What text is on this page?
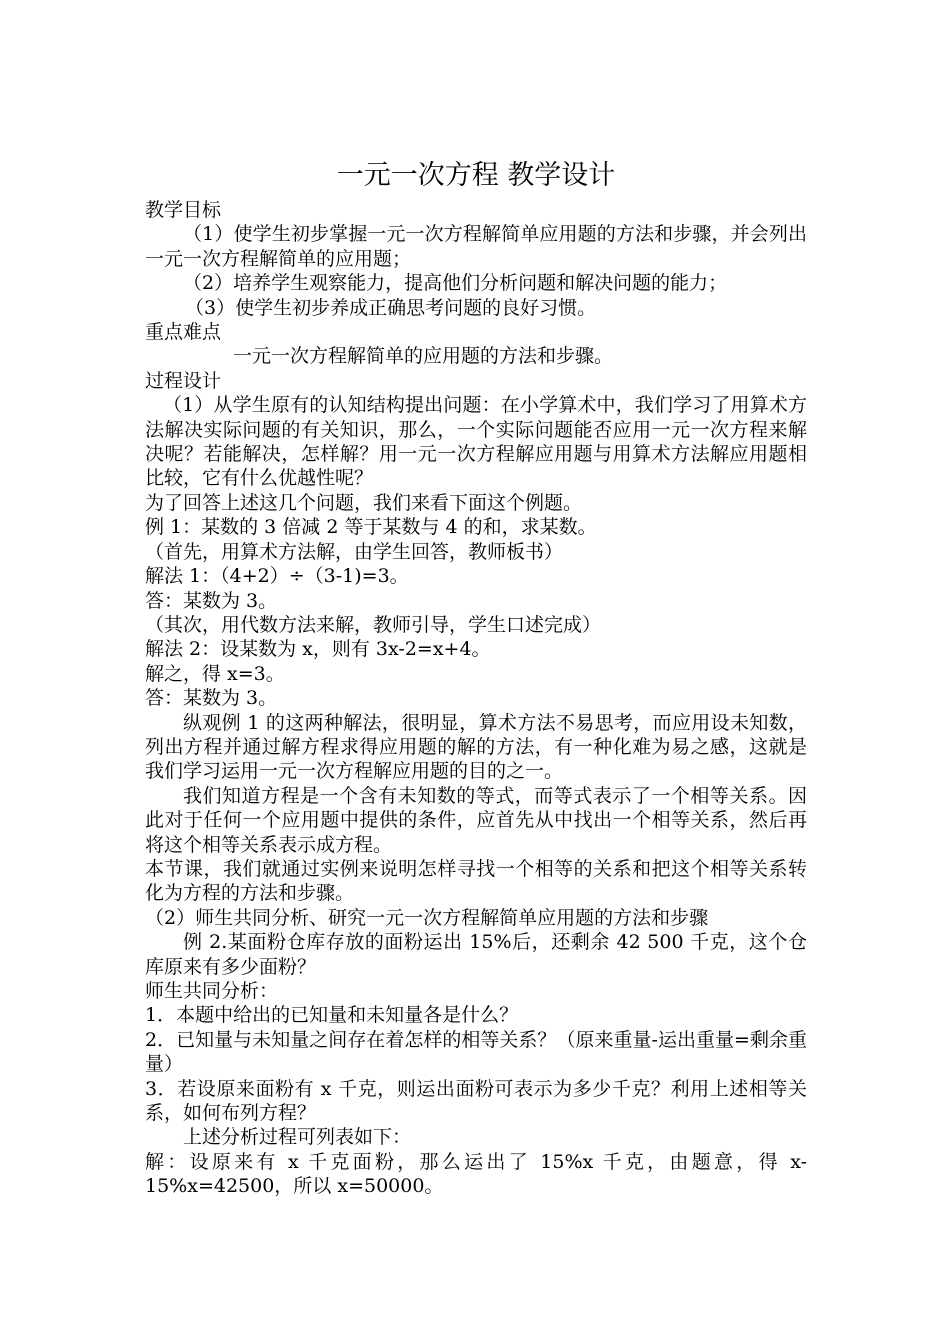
一元一次方程 教学设计

教学目标

（1）使学生初步掌握一元一次方程解简单应用题的方法和步骤，并会列出一元一次方程解简单的应用题；

（2）培养学生观察能力，提高他们分析问题和解决问题的能力；

（3）使学生初步养成正确思考问题的良好习惯。

重点难点

一元一次方程解简单的应用题的方法和步骤。

过程设计

（1）从学生原有的认知结构提出问题：在小学算术中，我们学习了用算术方法解决实际问题的有关知识，那么，一个实际问题能否应用一元一次方程来解决呢？若能解决，怎样解？用一元一次方程解应用题与用算术方法解应用题相比较，它有什么优越性呢？

为了回答上述这几个问题，我们来看下面这个例题。

例 1：某数的 3 倍减 2 等于某数与 4 的和，求某数。

（首先，用算术方法解，由学生回答，教师板书）

解法 1：（4+2）÷（3-1)=3。

答：某数为 3。

（其次，用代数方法来解，教师引导，学生口述完成）

解法 2：设某数为 x，则有 3x-2=x+4。

解之，得 x=3。

答：某数为 3。

纵观例 1 的这两种解法，很明显，算术方法不易思考，而应用设未知数，列出方程并通过解方程求得应用题的解的方法，有一种化难为易之感，这就是我们学习运用一元一次方程解应用题的目的之一。

我们知道方程是一个含有未知数的等式，而等式表示了一个相等关系。因此对于任何一个应用题中提供的条件，应首先从中找出一个相等关系，然后再将这个相等关系表示成方程。

本节课，我们就通过实例来说明怎样寻找一个相等的关系和把这个相等关系转化为方程的方法和步骤。

（2）师生共同分析、研究一元一次方程解简单应用题的方法和步骤

例 2.某面粉仓库存放的面粉运出 15%后，还剩余 42 500 千克，这个仓库原来有多少面粉？

师生共同分析：

1．本题中给出的已知量和未知量各是什么？

2．已知量与未知量之间存在着怎样的相等关系？（原来重量-运出重量=剩余重量）

3．若设原来面粉有 x 千克，则运出面粉可表示为多少千克？利用上述相等关系，如何布列方程？

上述分析过程可列表如下：

解：设原来有 x 千克面粉，那么运出了 15%x 千克，由题意，得 x-15%x=42500，所以 x=50000。
